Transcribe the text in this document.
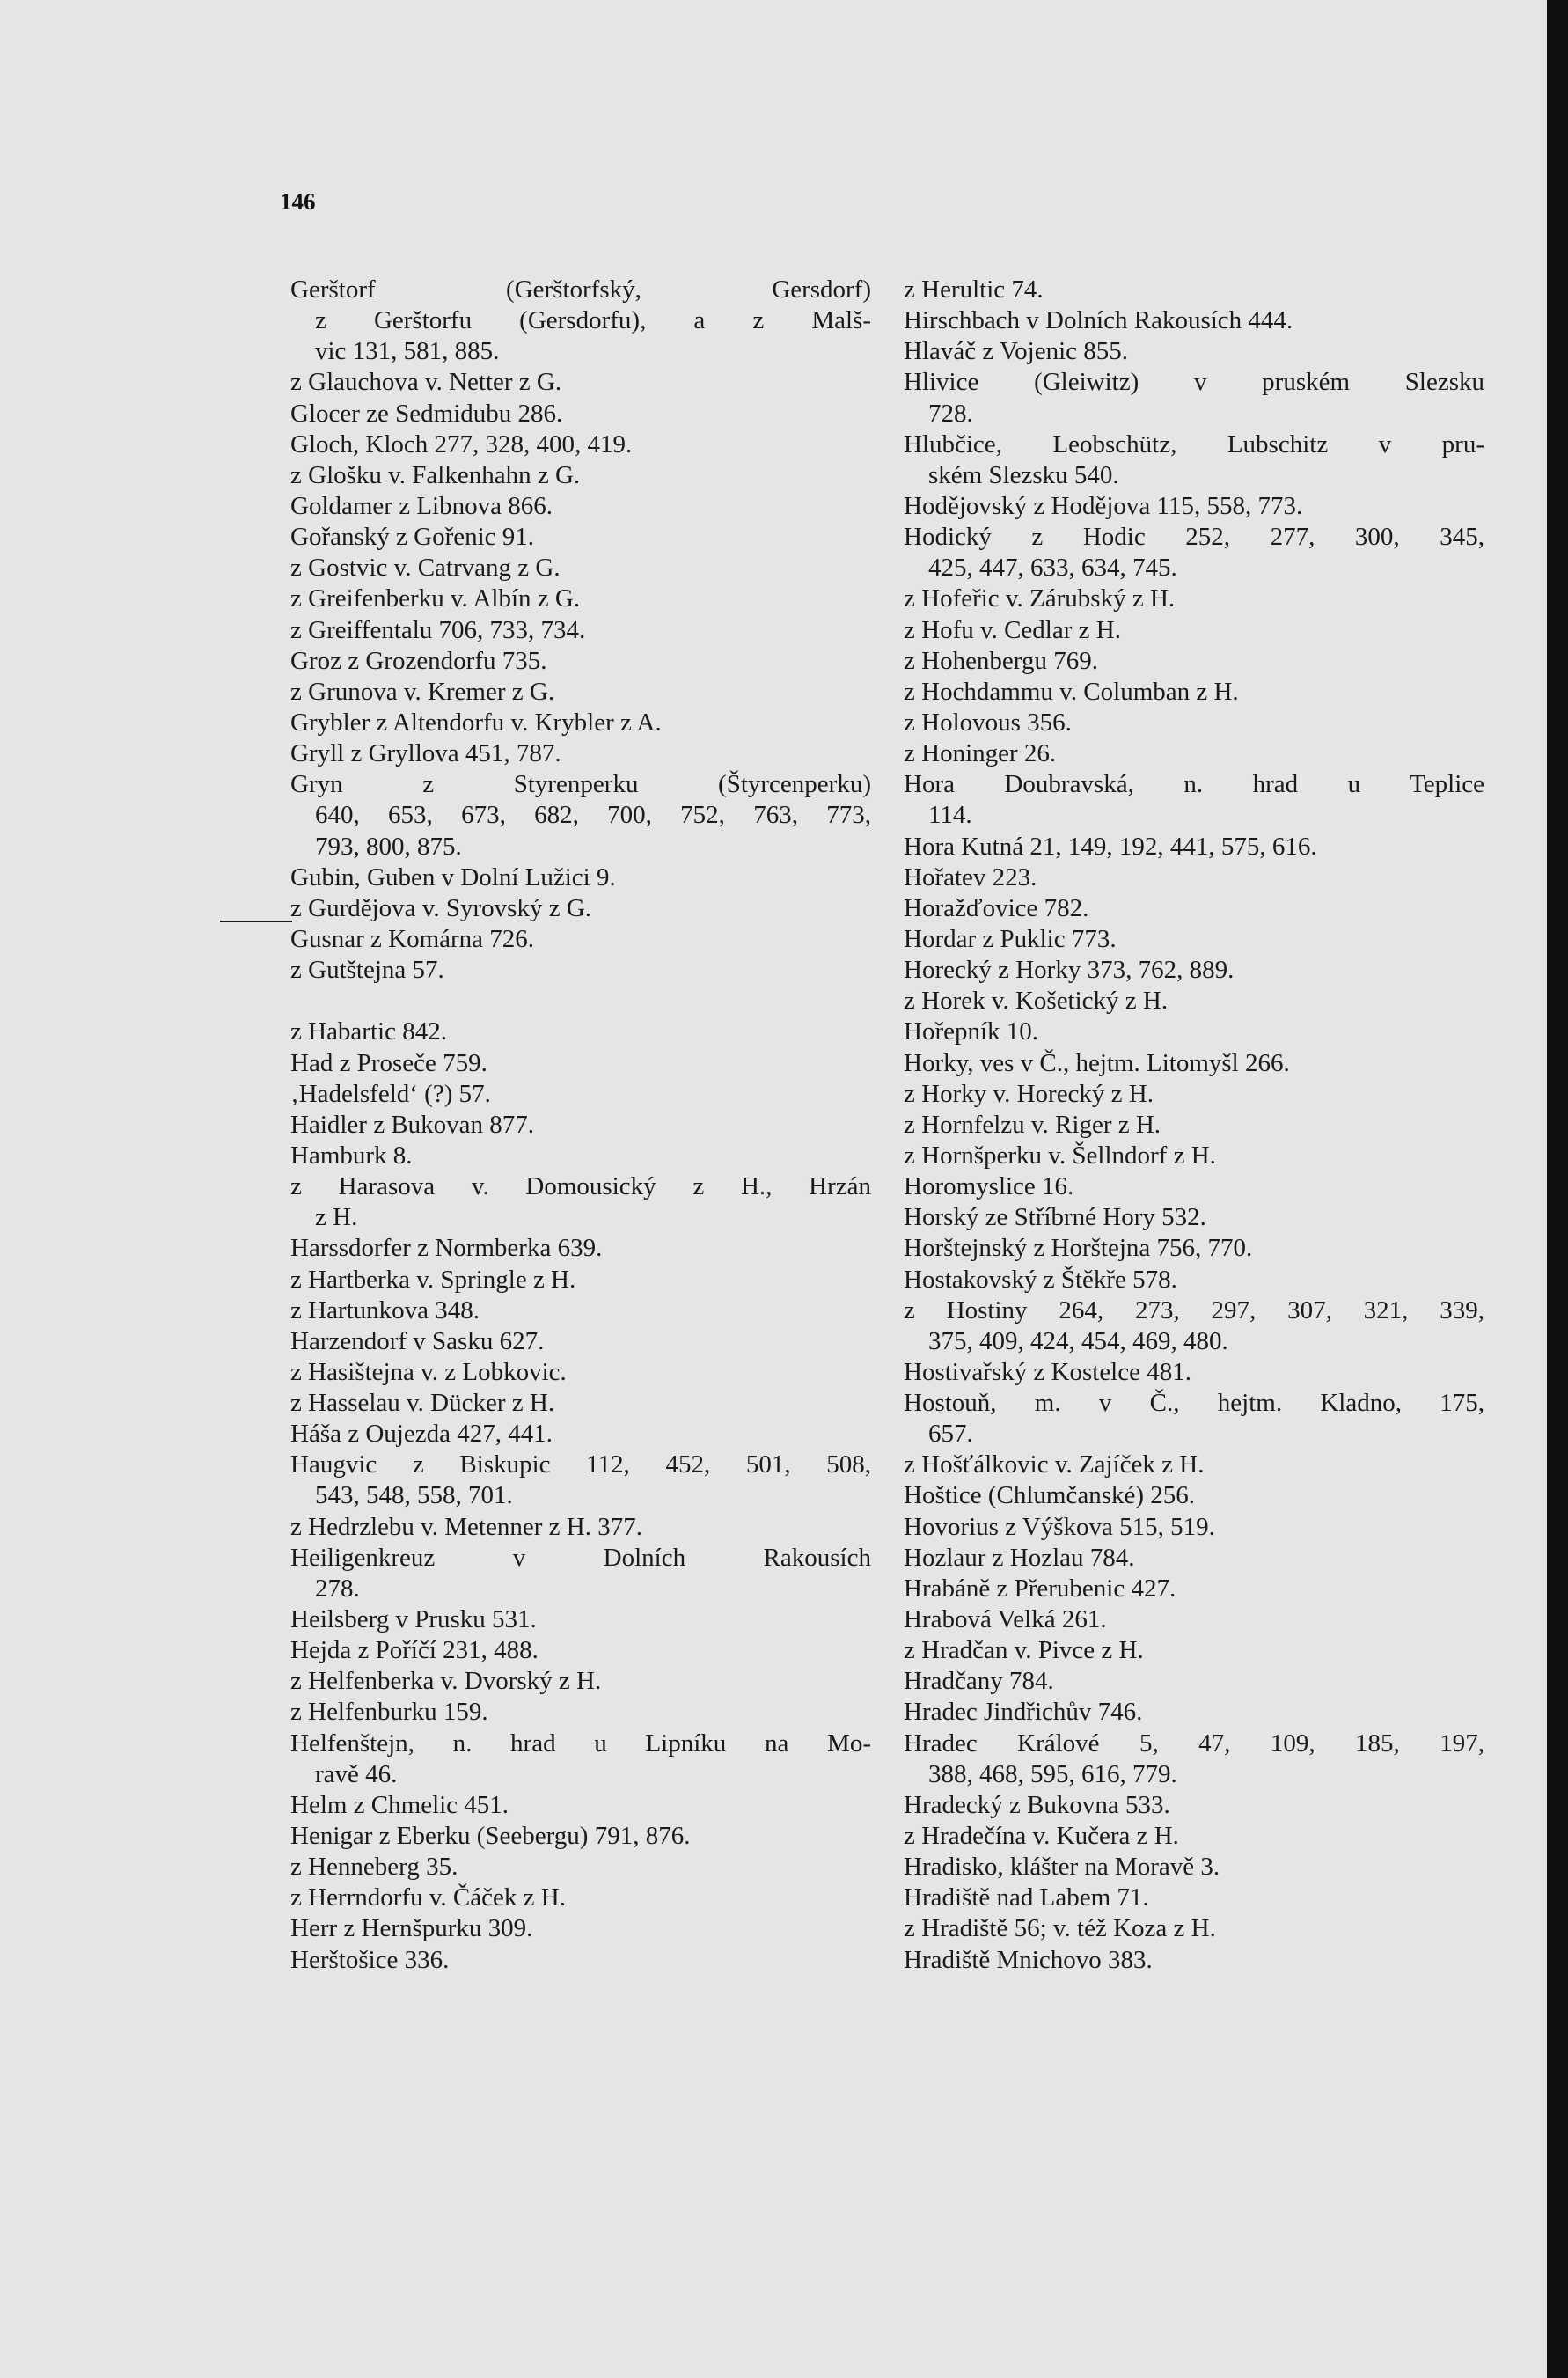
146
Gerštorf (Gerštorfský, Gersdorf)
z Gerštorfu (Gersdorfu), a z Malš-
vic 131, 581, 885.
z Glauchova v. Netter z G.
Glocer ze Sedmidubu 286.
Gloch, Kloch 277, 328, 400, 419.
z Glošku v. Falkenhahn z G.
Goldamer z Libnova 866.
Gořanský z Gořenic 91.
z Gostvic v. Catrvang z G.
z Greifenberku v. Albín z G.
z Greiffentalu 706, 733, 734.
Groz z Grozendorfu 735.
z Grunova v. Kremer z G.
Grybler z Altendorfu v. Krybler z A.
Gryll z Gryllova 451, 787.
Gryn z Styrenperku (Štyrcenperku)
640, 653, 673, 682, 700, 752, 763, 773,
793, 800, 875.
Gubin, Guben v Dolní Lužici 9.
z Gurdějova v. Syrovský z G.
Gusnar z Komárna 726.
z Gutštejna 57.
z Habartic 842.
Had z Proseče 759.
‚Hadelsfeld‘ (?) 57.
Haidler z Bukovan 877.
Hamburk 8.
z Harasova v. Domousický z H., Hrzán
z H.
Harssdorfer z Normberka 639.
z Hartberka v. Springle z H.
z Hartunkova 348.
Harzendorf v Sasku 627.
z Hasištejna v. z Lobkovic.
z Hasselau v. Dücker z H.
Háša z Oujezda 427, 441.
Haugvic z Biskupic 112, 452, 501, 508,
543, 548, 558, 701.
z Hedrzlebu v. Metenner z H. 377.
Heiligenkreuz v Dolních Rakousích
278.
Heilsberg v Prusku 531.
Hejda z Poříčí 231, 488.
z Helfenberka v. Dvorský z H.
z Helfenburku 159.
Helfenštejn, n. hrad u Lipníku na Mo-
ravě 46.
Helm z Chmelic 451.
Henigar z Eberku (Seebergu) 791, 876.
z Henneberg 35.
z Herrndorfu v. Čáček z H.
Herr z Hernšpurku 309.
Herštošice 336.
z Herultic 74.
Hirschbach v Dolních Rakousích 444.
Hlaváč z Vojenic 855.
Hlivice (Gleiwitz) v pruském Slezsku
728.
Hlubčice, Leobschütz, Lubschitz v pru-
ském Slezsku 540.
Hodějovský z Hodějova 115, 558, 773.
Hodický z Hodic 252, 277, 300, 345,
425, 447, 633, 634, 745.
z Hofeřic v. Zárubský z H.
z Hofu v. Cedlar z H.
z Hohenbergu 769.
z Hochdammu v. Columban z H.
z Holovous 356.
z Honinger 26.
Hora Doubravská, n. hrad u Teplice
114.
Hora Kutná 21, 149, 192, 441, 575, 616.
Hořatev 223.
Horažďovice 782.
Hordar z Puklic 773.
Horecký z Horky 373, 762, 889.
z Horek v. Košetický z H.
Hořepník 10.
Horky, ves v Č., hejtm. Litomyšl 266.
z Horky v. Horecký z H.
z Hornfelzu v. Riger z H.
z Hornšperku v. Šellndorf z H.
Horomyslice 16.
Horský ze Stříbrné Hory 532.
Horštejnský z Horštejna 756, 770.
Hostakovský z Štěkře 578.
z Hostiny 264, 273, 297, 307, 321, 339,
375, 409, 424, 454, 469, 480.
Hostivařský z Kostelce 481.
Hostouň, m. v Č., hejtm. Kladno, 175,
657.
z Hošťálkovic v. Zajíček z H.
Hoštice (Chlumčanské) 256.
Hovorius z Výškova 515, 519.
Hozlaur z Hozlau 784.
Hrabáně z Přerubenic 427.
Hrabová Velká 261.
z Hradčan v. Pivce z H.
Hradčany 784.
Hradec Jindřichův 746.
Hradec Králové 5, 47, 109, 185, 197,
388, 468, 595, 616, 779.
Hradecký z Bukovna 533.
z Hradečína v. Kučera z H.
Hradisko, klášter na Moravě 3.
Hradiště nad Labem 71.
z Hradiště 56; v. též Koza z H.
Hradiště Mnichovo 383.
